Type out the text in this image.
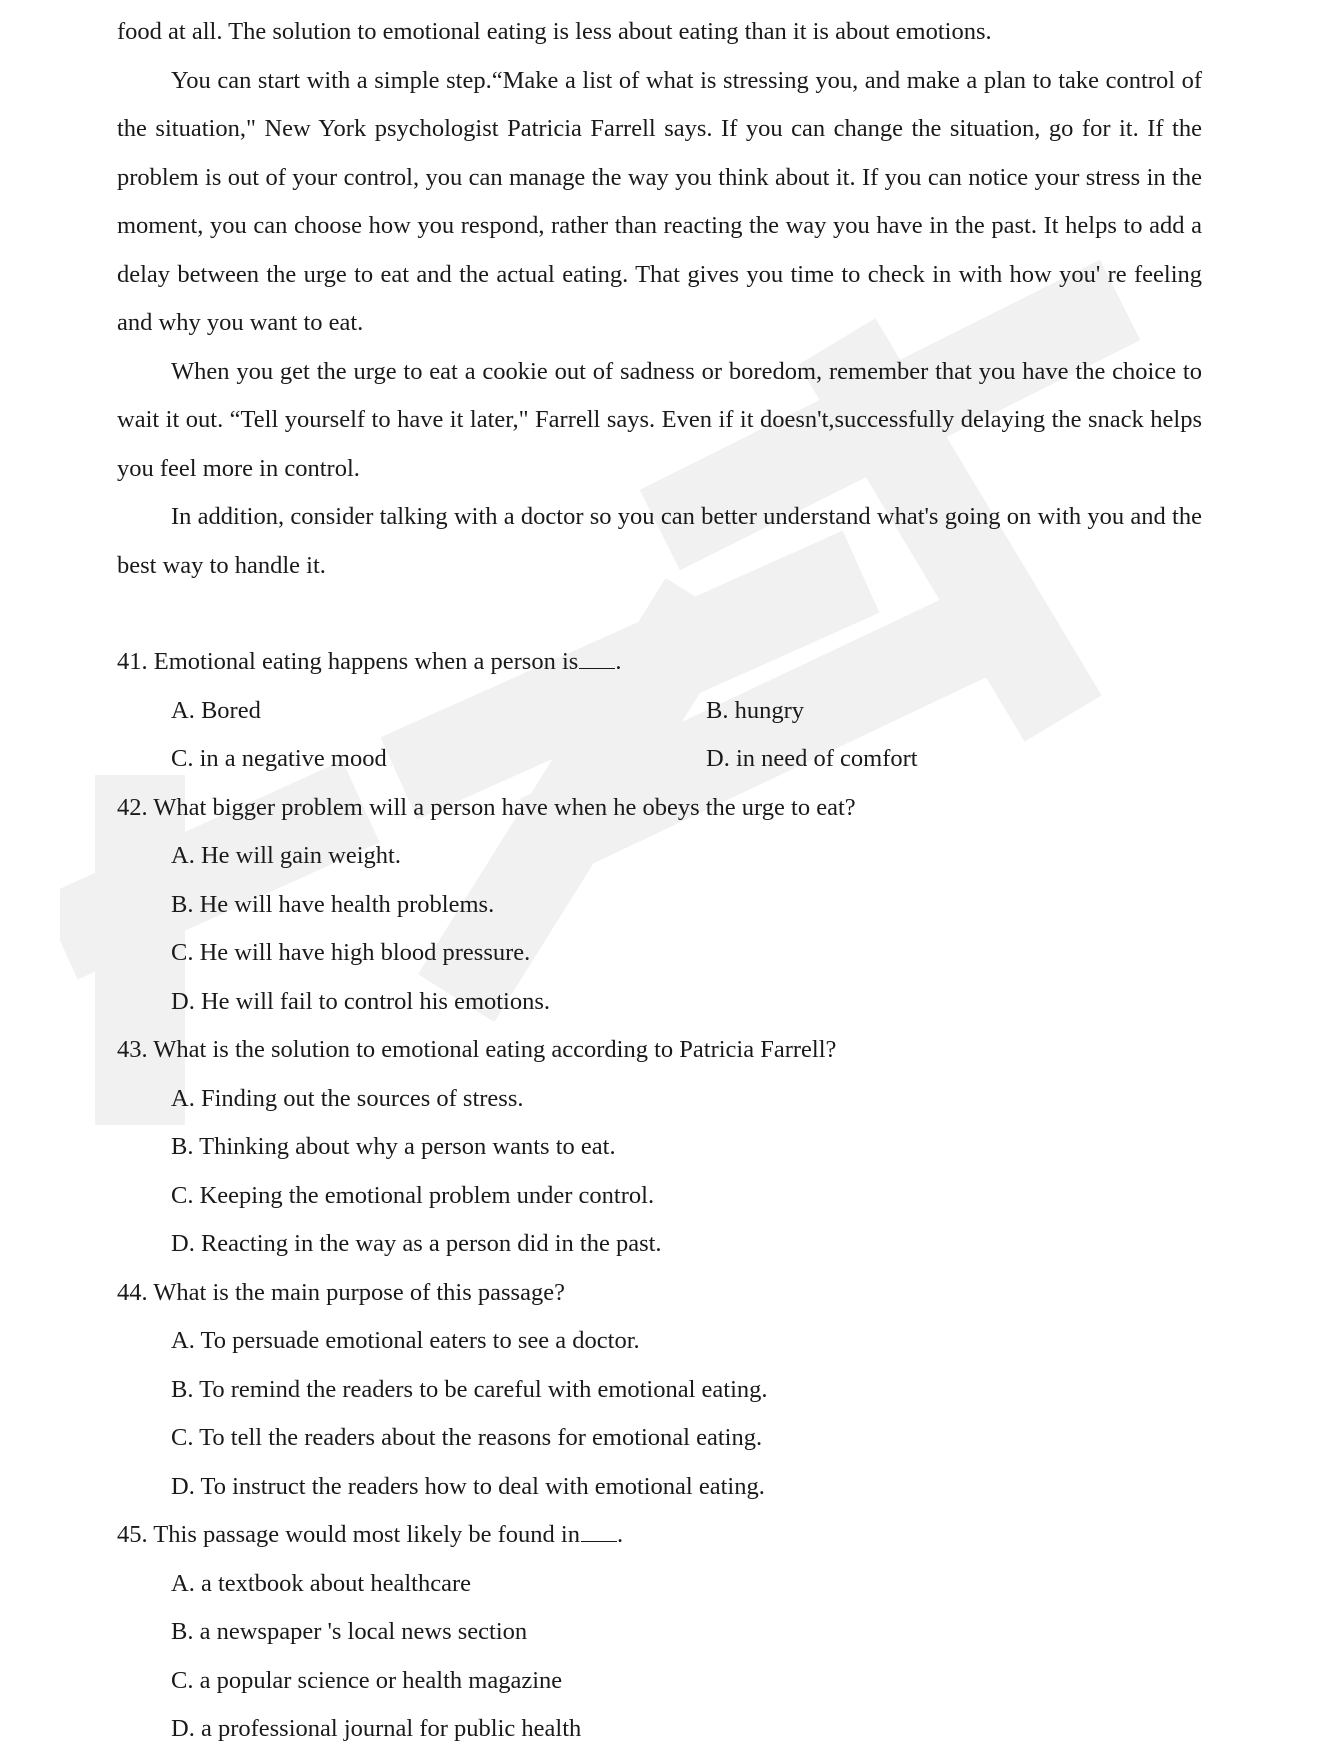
food at all. The solution to emotional eating is less about eating than it is about emotions.

You can start with a simple step.“Make a list of what is stressing you, and make a plan to take control of the situation," New York psychologist Patricia Farrell says. If you can change the situation, go for it. If the problem is out of your control, you can manage the way you think about it. If you can notice your stress in the moment, you can choose how you respond, rather than reacting the way you have in the past. It helps to add a delay between the urge to eat and the actual eating. That gives you time to check in with how you' re feeling and why you want to eat.

When you get the urge to eat a cookie out of sadness or boredom, remember that you have the choice to wait it out. “Tell yourself to have it later," Farrell says. Even if it doesn't,successfully delaying the snack helps you feel more in control.

In addition, consider talking with a doctor so you can better understand what's going on with you and the best way to handle it.

41. Emotional eating happens when a person is .

A. Bored	B. hungry

C. in a negative mood	D. in need of comfort

42. What bigger problem will a person have when he obeys the urge to eat?

A. He will gain weight.

B. He will have health problems.

C. He will have high blood pressure.

D. He will fail to control his emotions.

43. What is the solution to emotional eating according to Patricia Farrell?

A. Finding out the sources of stress.

B. Thinking about why a person wants to eat.

C. Keeping the emotional problem under control.

D. Reacting in the way as a person did in the past.

44. What is the main purpose of this passage?

A. To persuade emotional eaters to see a doctor.

B. To remind the readers to be careful with emotional eating.

C. To tell the readers about the reasons for emotional eating.

D. To instruct the readers how to deal with emotional eating.

45. This passage would most likely be found in .

A. a textbook about healthcare

B. a newspaper 's local news section

C. a popular science or health magazine

D. a professional journal for public health
